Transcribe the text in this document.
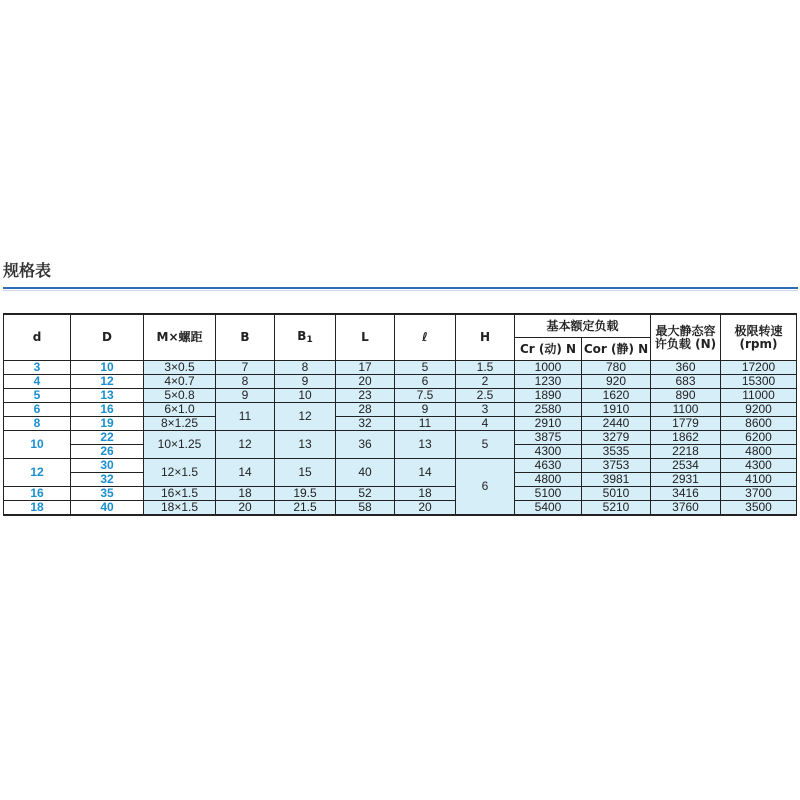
规格表
d	D	M×螺距	B	B1	L	ℓ	H	基本额定负载		最大静态容许负载 (N)	极限转速 (rpm)
								Cr (动) N	Cor (静) N		
3	10	3×0.5	7	8	17	5	1.5	1000	780	360	17200
4	12	4×0.7	8	9	20	6	2	1230	920	683	15300
5	13	5×0.8	9	10	23	7.5	2.5	1890	1620	890	11000
6	16	6×1.0	11	12	28	9	3	2580	1910	1100	9200
8	19	8×1.25			32	11	4	2910	2440	1779	8600
10	22	10×1.25	12	13	36	13	5	3875	3279	1862	6200
	26							4300	3535	2218	4800
12	30	12×1.5	14	15	40	14	6	4630	3753	2534	4300
	32							4800	3981	2931	4100
16	35	16×1.5	18	19.5	52	18		5100	5010	3416	3700
18	40	18×1.5	20	21.5	58	20		5400	5210	3760	3500
